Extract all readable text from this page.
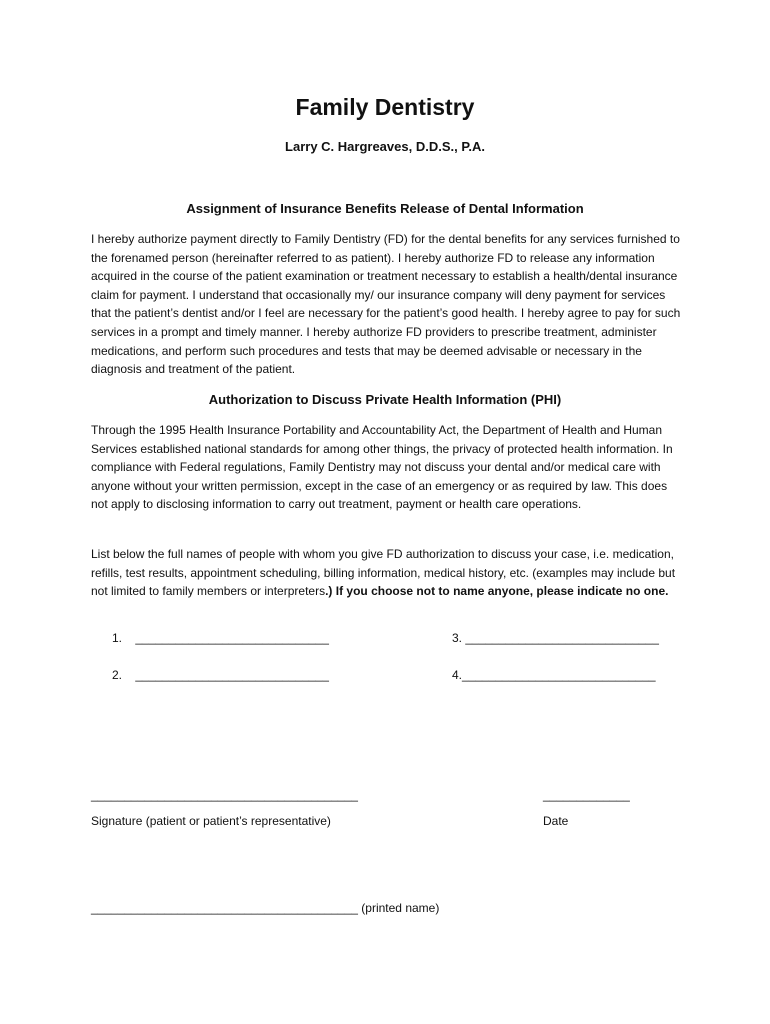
Family Dentistry
Larry C. Hargreaves, D.D.S., P.A.
Assignment of Insurance Benefits Release of Dental Information
I hereby authorize payment directly to Family Dentistry (FD) for the dental benefits for any services furnished to the forenamed person (hereinafter referred to as patient). I hereby authorize FD to release any information acquired in the course of the patient examination or treatment necessary to establish a health/dental insurance claim for payment. I understand that occasionally my/ our insurance company will deny payment for services that the patient’s dentist and/or I feel are necessary for the patient’s good health. I hereby agree to pay for such services in a prompt and timely manner. I hereby authorize FD providers to prescribe treatment, administer medications, and perform such procedures and tests that may be deemed advisable or necessary in the diagnosis and treatment of the patient.
Authorization to Discuss Private Health Information (PHI)
Through the 1995 Health Insurance Portability and Accountability Act, the Department of Health and Human Services established national standards for among other things, the privacy of protected health information. In compliance with Federal regulations, Family Dentistry may not discuss your dental and/or medical care with anyone without your written permission, except in the case of an emergency or as required by law. This does not apply to disclosing information to carry out treatment, payment or health care operations.
List below the full names of people with whom you give FD authorization to discuss your case, i.e. medication, refills, test results, appointment scheduling, billing information, medical history, etc. (examples may include but not limited to family members or interpreters.) If you choose not to name anyone, please indicate no one.
1. _____________________________	3. _____________________________
2. _____________________________	4._____________________________
________________________________________
Signature (patient or patient’s representative)
_____________
Date
________________________________________ (printed name)
